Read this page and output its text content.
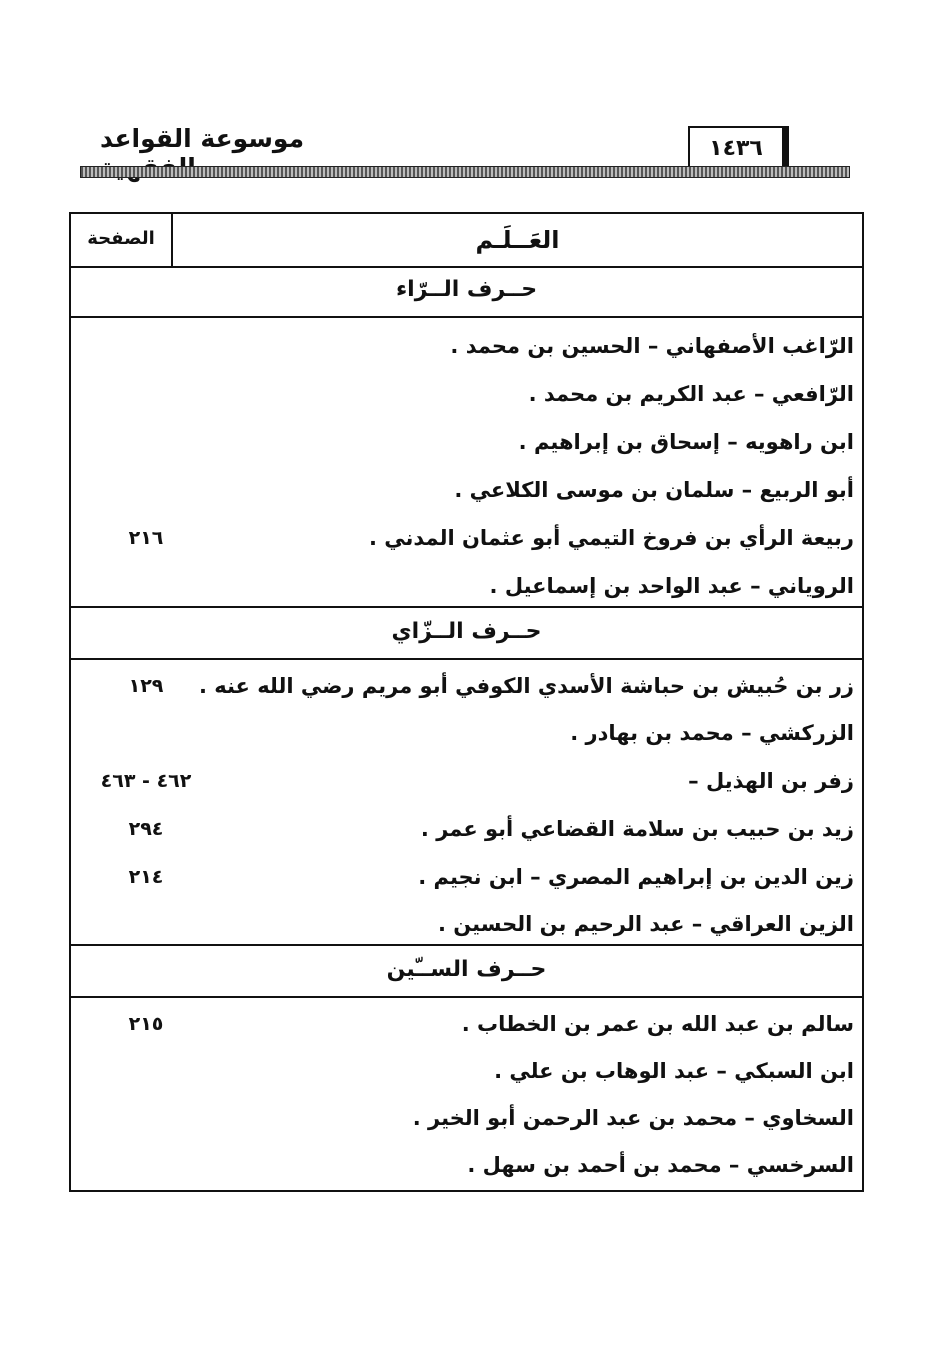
موسوعة القواعد	١٤٣٦
العَــلَـم
الصفحة
حــرف الــرّاء
الرّاغب الأصفهاني – الحسين بن محمد .
الرّافعي – عبد الكريم بن محمد .
ابن راهويه – إسحاق بن إبراهيم .
أبو الربيع – سلمان بن موسى الكلاعي .
ربيعة الرأي بن فروخ التيمي أبو عثمان المدني .
٢١٦
الروياني – عبد الواحد بن إسماعيل .
حــرف الــزّاي
زر بن حُبيش بن حباشة الأسدي الكوفي أبو مريم رضي الله عنه .
١٢٩
الزركشي – محمد بن بهادر .
زفر بن الهذيل –
٤٦٢ - ٤٦٣
زيد بن حبيب بن سلامة القضاعي أبو عمر .
٢٩٤
زين الدين بن إبراهيم المصري – ابن نجيم .
٢١٤
الزين العراقي – عبد الرحيم بن الحسين .
حــرف الســّين
سالم بن عبد الله بن عمر بن الخطاب .
٢١٥
ابن السبكي – عبد الوهاب بن علي .
السخاوي – محمد بن عبد الرحمن أبو الخير .
السرخسي – محمد بن أحمد بن سهل .
